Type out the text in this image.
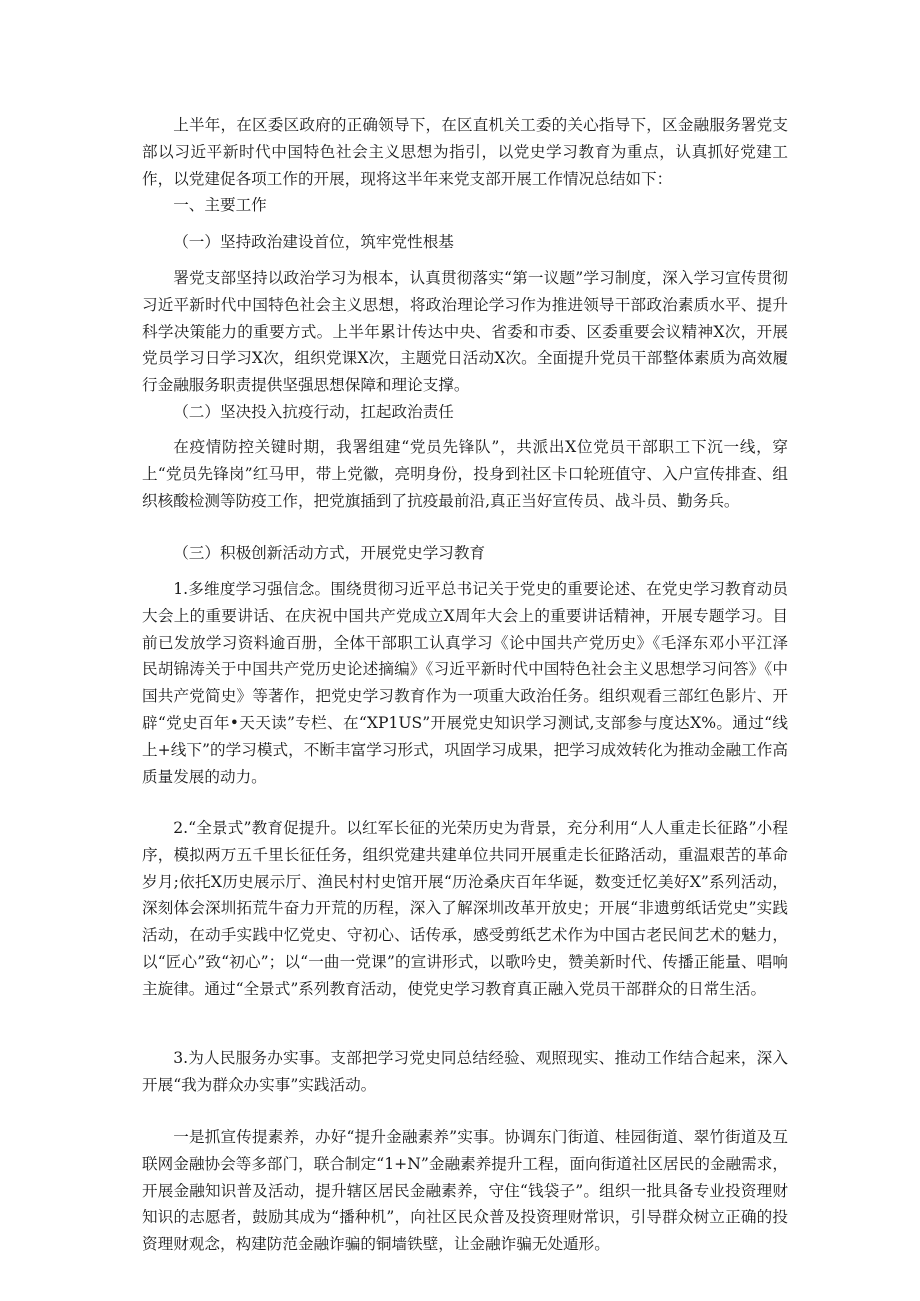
上半年，在区委区政府的正确领导下，在区直机关工委的关心指导下，区金融服务署党支部以习近平新时代中国特色社会主义思想为指引，以党史学习教育为重点，认真抓好党建工作，以党建促各项工作的开展，现将这半年来党支部开展工作情况总结如下：

一、主要工作

（一）坚持政治建设首位，筑牢党性根基

署党支部坚持以政治学习为根本，认真贯彻落实“第一议题”学习制度，深入学习宣传贯彻习近平新时代中国特色社会主义思想，将政治理论学习作为推进领导干部政治素质水平、提升科学决策能力的重要方式。上半年累计传达中央、省委和市委、区委重要会议精神X次，开展党员学习日学习X次，组织党课X次，主题党日活动X次。全面提升党员干部整体素质为高效履行金融服务职责提供坚强思想保障和理论支撑。

（二）坚决投入抗疫行动，扛起政治责任

在疫情防控关键时期，我署组建“党员先锋队”，共派出X位党员干部职工下沉一线，穿上“党员先锋岗”红马甲，带上党徽，亮明身份，投身到社区卡口轮班值守、入户宣传排查、组织核酸检测等防疫工作，把党旗插到了抗疫最前沿,真正当好宣传员、战斗员、勤务兵。

（三）积极创新活动方式，开展党史学习教育

1.多维度学习强信念。围绕贯彻习近平总书记关于党史的重要论述、在党史学习教育动员大会上的重要讲话、在庆祝中国共产党成立X周年大会上的重要讲话精神，开展专题学习。目前已发放学习资料逾百册，全体干部职工认真学习《论中国共产党历史》《毛泽东邓小平江泽民胡锦涛关于中国共产党历史论述摘编》《习近平新时代中国特色社会主义思想学习问答》《中国共产党简史》等著作，把党史学习教育作为一项重大政治任务。组织观看三部红色影片、开辟“党史百年•天天读”专栏、在“XP1US”开展党史知识学习测试,支部参与度达X%。通过“线上+线下”的学习模式，不断丰富学习形式，巩固学习成果，把学习成效转化为推动金融工作高质量发展的动力。

2.“全景式”教育促提升。以红军长征的光荣历史为背景，充分利用“人人重走长征路”小程序，模拟两万五千里长征任务，组织党建共建单位共同开展重走长征路活动，重温艰苦的革命岁月;依托X历史展示厅、渔民村村史馆开展“历沧桑庆百年华诞，数变迁忆美好X”系列活动，深刻体会深圳拓荒牛奋力开荒的历程，深入了解深圳改革开放史；开展“非遗剪纸话党史”实践活动，在动手实践中忆党史、守初心、话传承，感受剪纸艺术作为中国古老民间艺术的魅力，以“匠心”致“初心”；以“一曲一党课”的宣讲形式，以歌吟史，赞美新时代、传播正能量、唱响主旋律。通过“全景式”系列教育活动，使党史学习教育真正融入党员干部群众的日常生活。

3.为人民服务办实事。支部把学习党史同总结经验、观照现实、推动工作结合起来，深入开展“我为群众办实事”实践活动。

一是抓宣传提素养，办好“提升金融素养”实事。协调东门街道、桂园街道、翠竹街道及互联网金融协会等多部门，联合制定“1+N”金融素养提升工程，面向街道社区居民的金融需求，开展金融知识普及活动，提升辖区居民金融素养，守住“钱袋子”。组织一批具备专业投资理财知识的志愿者，鼓励其成为“播种机”，向社区民众普及投资理财常识，引导群众树立正确的投资理财观念，构建防范金融诈骗的铜墙铁壁，让金融诈骗无处遁形。
